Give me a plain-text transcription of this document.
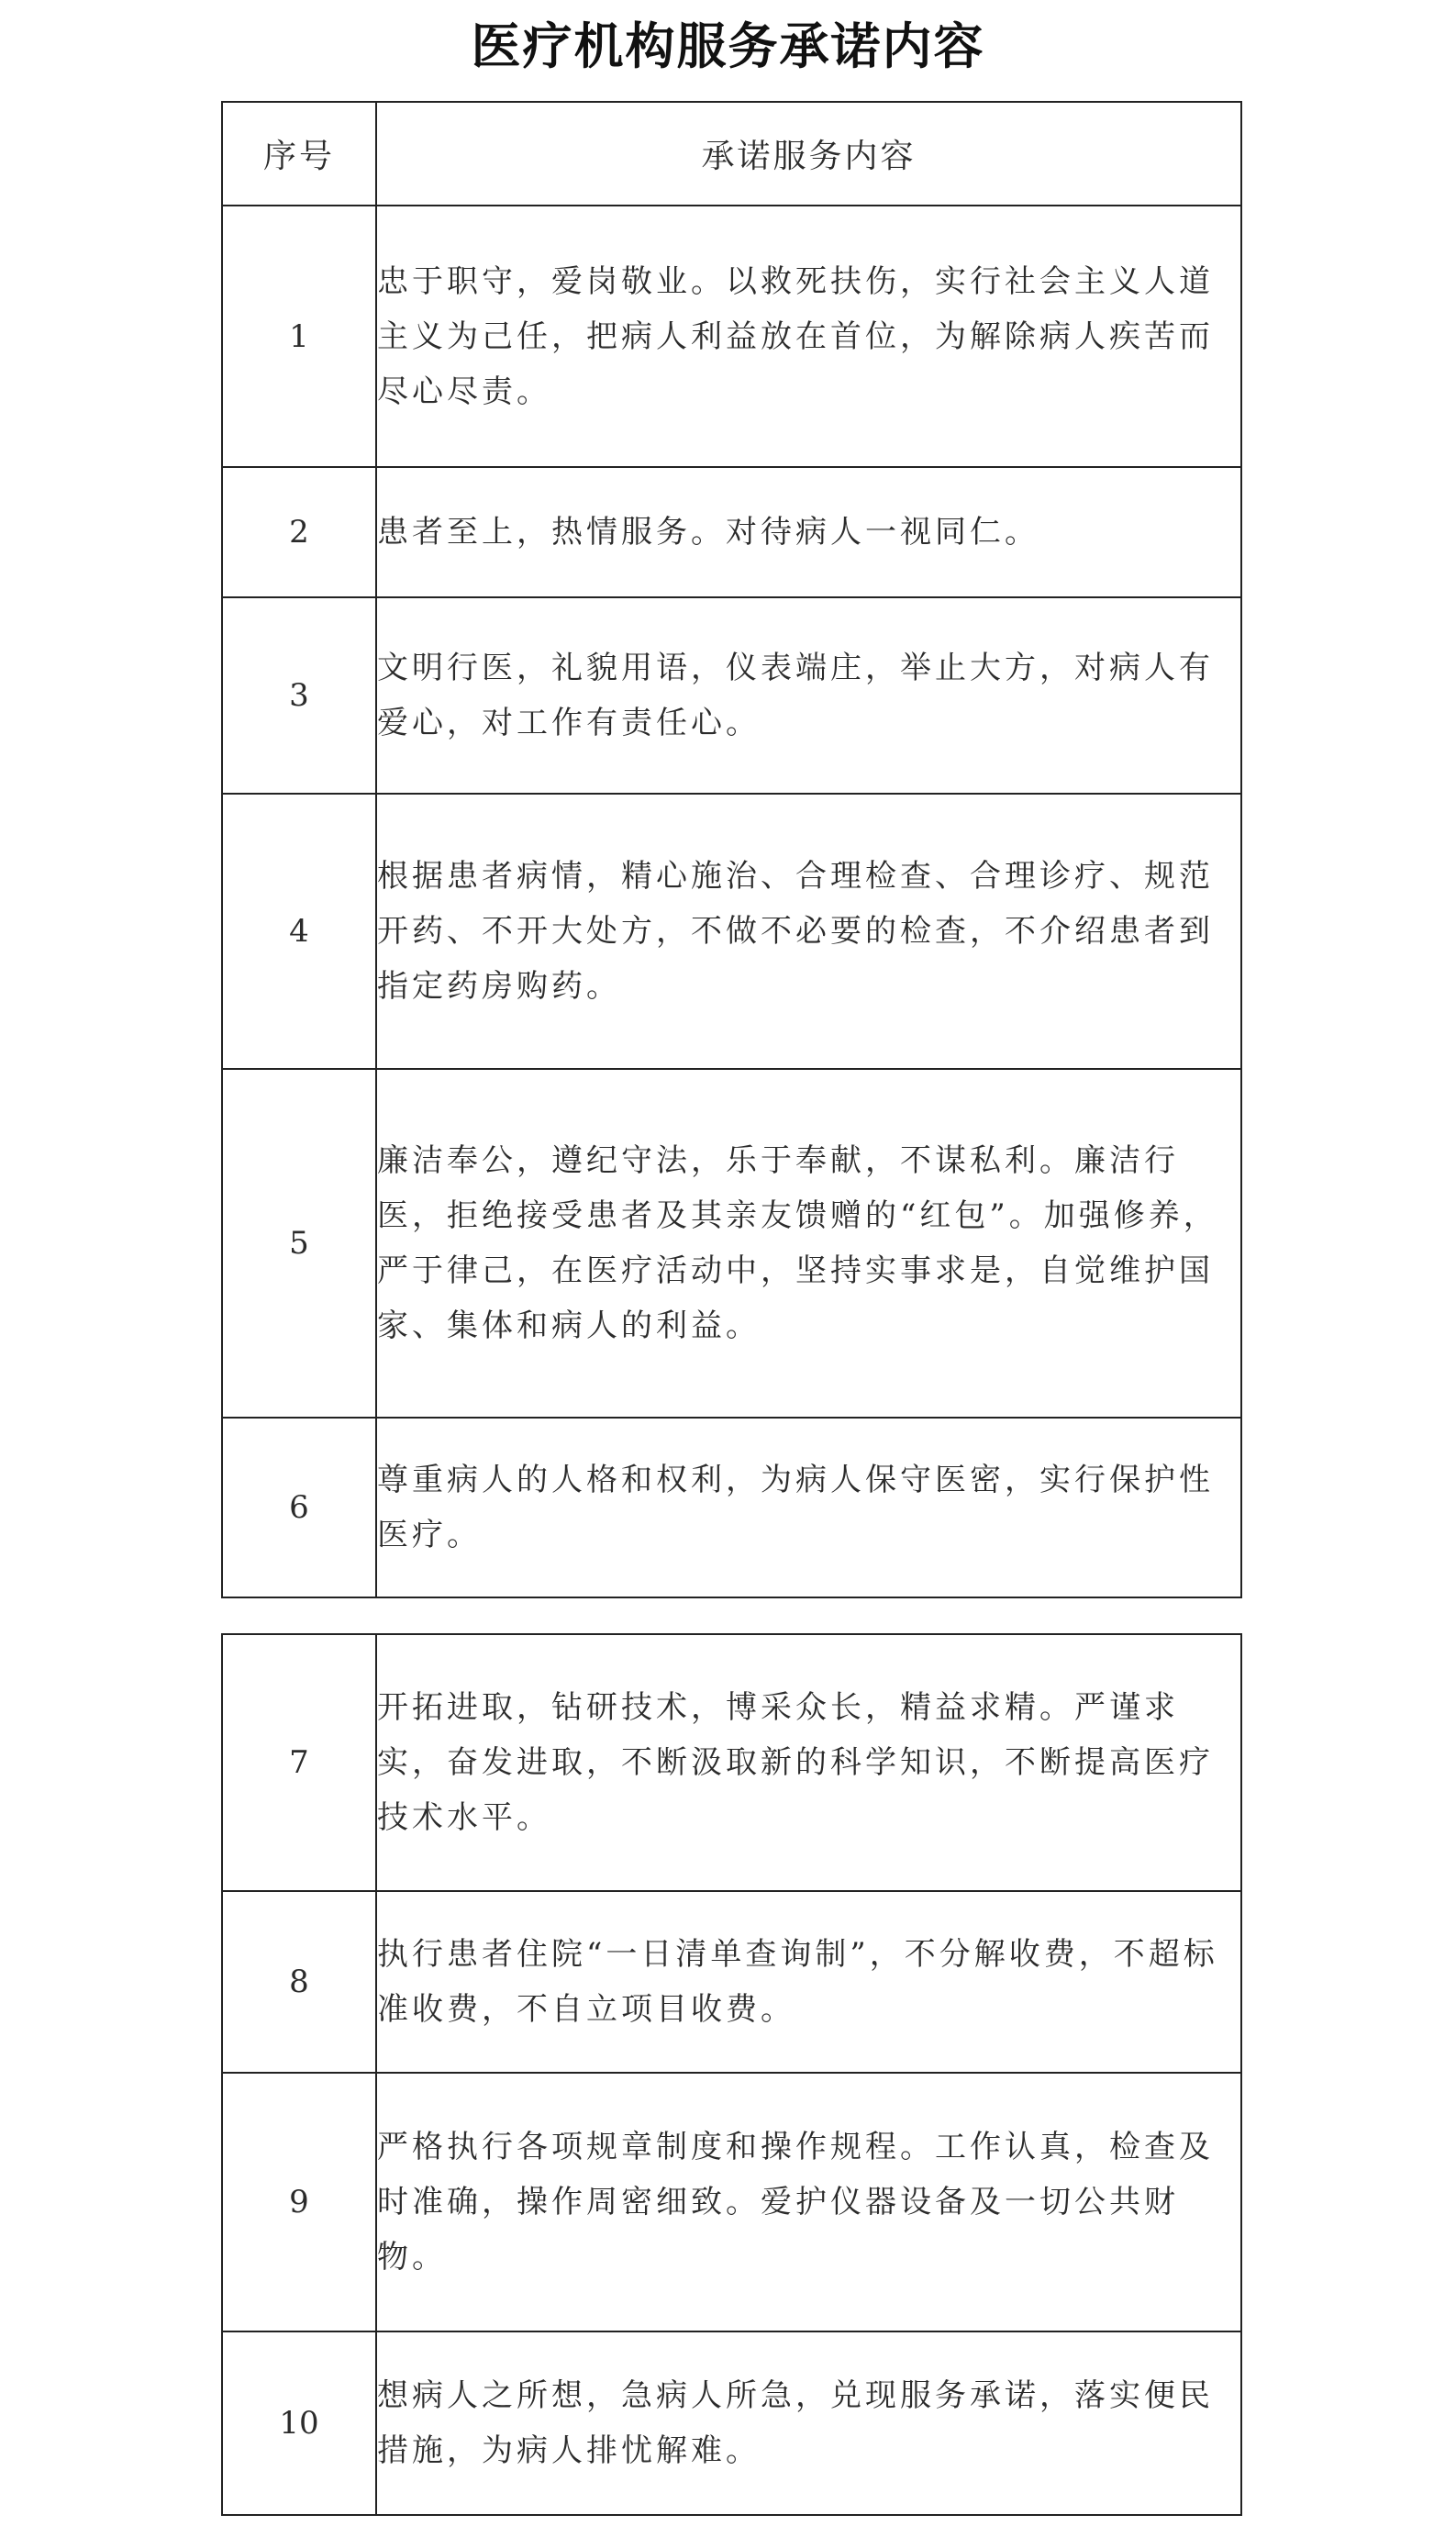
医疗机构服务承诺内容
序号	承诺服务内容
1	忠于职守，爱岗敬业。以救死扶伤，实行社会主义人道主义为己任，把病人利益放在首位，为解除病人疾苦而尽心尽责。
2	患者至上，热情服务。对待病人一视同仁。
3	文明行医，礼貌用语，仪表端庄，举止大方，对病人有爱心，对工作有责任心。
4	根据患者病情，精心施治、合理检查、合理诊疗、规范开药、不开大处方，不做不必要的检查，不介绍患者到指定药房购药。
5	廉洁奉公，遵纪守法，乐于奉献，不谋私利。廉洁行医，拒绝接受患者及其亲友馈赠的“红包”。加强修养，严于律己，在医疗活动中，坚持实事求是，自觉维护国家、集体和病人的利益。
6	尊重病人的人格和权利，为病人保守医密，实行保护性医疗。
7	开拓进取，钻研技术，博采众长，精益求精。严谨求实，奋发进取，不断汲取新的科学知识，不断提高医疗技术水平。
8	执行患者住院“一日清单查询制”，不分解收费，不超标准收费，不自立项目收费。
9	严格执行各项规章制度和操作规程。工作认真，检查及时准确，操作周密细致。爱护仪器设备及一切公共财物。
10	想病人之所想，急病人所急，兑现服务承诺，落实便民措施，为病人排忧解难。
